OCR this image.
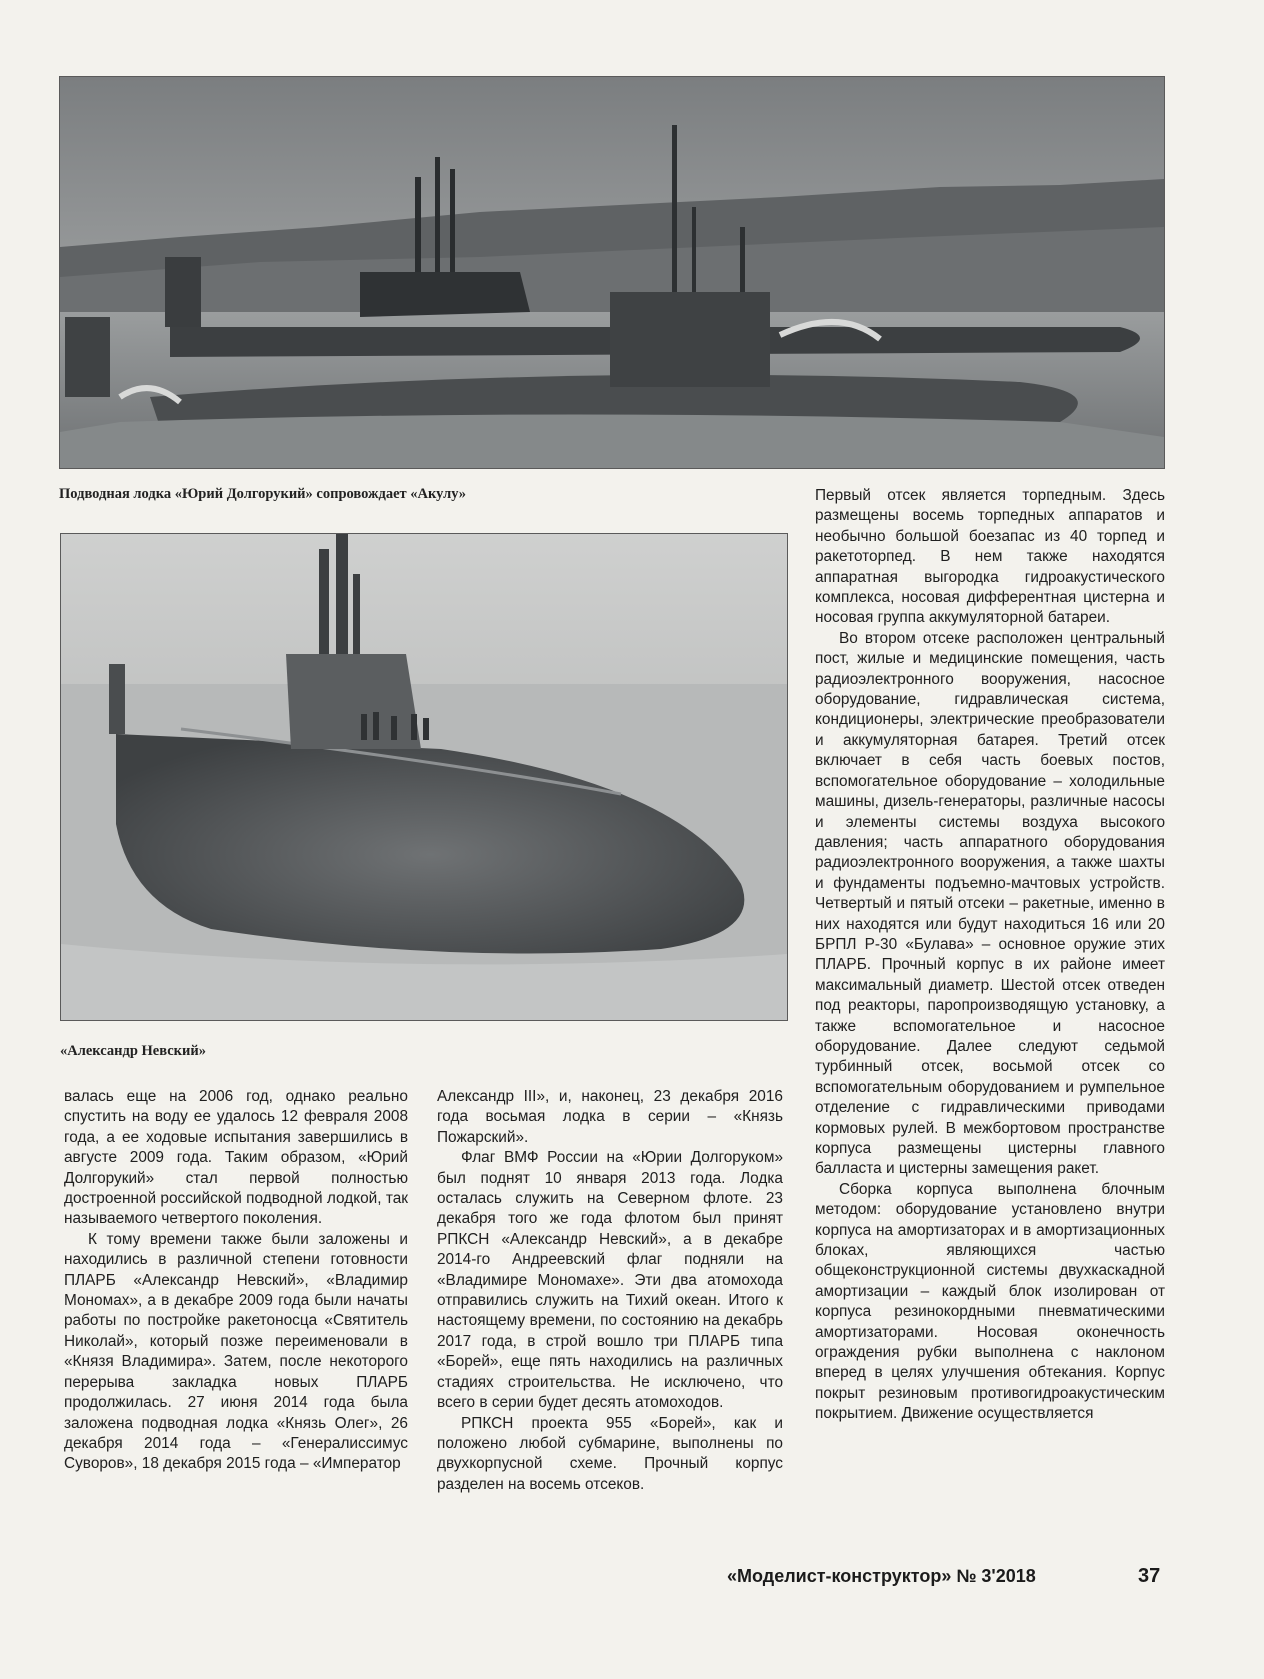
Подводная лодка «Юрий Долгорукий» сопровождает «Акулу»
«Александр Невский»

валась еще на 2006 год, однако реально спустить на воду ее удалось 12 февраля 2008 года, а ее ходовые испытания завершились в августе 2009 года. Таким образом, «Юрий Долгорукий» стал первой полностью достроенной российской подводной лодкой, так называемого четвертого поколения.

К тому времени также были заложены и находились в различной степени готовности ПЛАРБ «Александр Невский», «Владимир Мономах», а в декабре 2009 года были начаты работы по постройке ракетоносца «Святитель Николай», который позже переименовали в «Князя Владимира». Затем, после некоторого перерыва закладка новых ПЛАРБ продолжилась. 27 июня 2014 года была заложена подводная лодка «Князь Олег», 26 декабря 2014 года – «Генералиссимус Суворов», 18 декабря 2015 года – «Император

Александр III», и, наконец, 23 декабря 2016 года восьмая лодка в серии – «Князь Пожарский».

Флаг ВМФ России на «Юрии Долгоруком» был поднят 10 января 2013 года. Лодка осталась служить на Северном флоте. 23 декабря того же года флотом был принят РПКСН «Александр Невский», а в декабре 2014-го Андреевский флаг подняли на «Владимире Мономахе». Эти два атомохода отправились служить на Тихий океан. Итого к настоящему времени, по состоянию на декабрь 2017 года, в строй вошло три ПЛАРБ типа «Борей», еще пять находились на различных стадиях строительства. Не исключено, что всего в серии будет десять атомоходов.

РПКСН проекта 955 «Борей», как и положено любой субмарине, выполнены по двухкорпусной схеме. Прочный корпус разделен на восемь отсеков.

Первый отсек является торпедным. Здесь размещены восемь торпедных аппаратов и необычно большой боезапас из 40 торпед и ракетоторпед. В нем также находятся аппаратная выгородка гидроакустического комплекса, носовая дифферентная цистерна и носовая группа аккумуляторной батареи.

Во втором отсеке расположен центральный пост, жилые и медицинские помещения, часть радиоэлектронного вооружения, насосное оборудование, гидравлическая система, кондиционеры, электрические преобразователи и аккумуляторная батарея. Третий отсек включает в себя часть боевых постов, вспомогательное оборудование – холодильные машины, дизель-генераторы, различные насосы и элементы системы воздуха высокого давления; часть аппаратного оборудования радиоэлектронного вооружения, а также шахты и фундаменты подъемно-мачтовых устройств. Четвертый и пятый отсеки – ракетные, именно в них находятся или будут находиться 16 или 20 БРПЛ Р-30 «Булава» – основное оружие этих ПЛАРБ. Прочный корпус в их районе имеет максимальный диаметр. Шестой отсек отведен под реакторы, паропроизводящую установку, а также вспомогательное и насосное оборудование. Далее следуют седьмой турбинный отсек, восьмой отсек со вспомогательным оборудованием и румпельное отделение с гидравлическими приводами кормовых рулей. В межбортовом пространстве корпуса размещены цистерны главного балласта и цистерны замещения ракет.

Сборка корпуса выполнена блочным методом: оборудование установлено внутри корпуса на амортизаторах и в амортизационных блоках, являющихся частью общеконструкционной системы двухкаскадной амортизации – каждый блок изолирован от корпуса резинокордными пневматическими амортизаторами. Носовая оконечность ограждения рубки выполнена с наклоном вперед в целях улучшения обтекания. Корпус покрыт резиновым противогидроакустическим покрытием. Движение осуществляется

«Моделист-конструктор» № 3'2018	37
